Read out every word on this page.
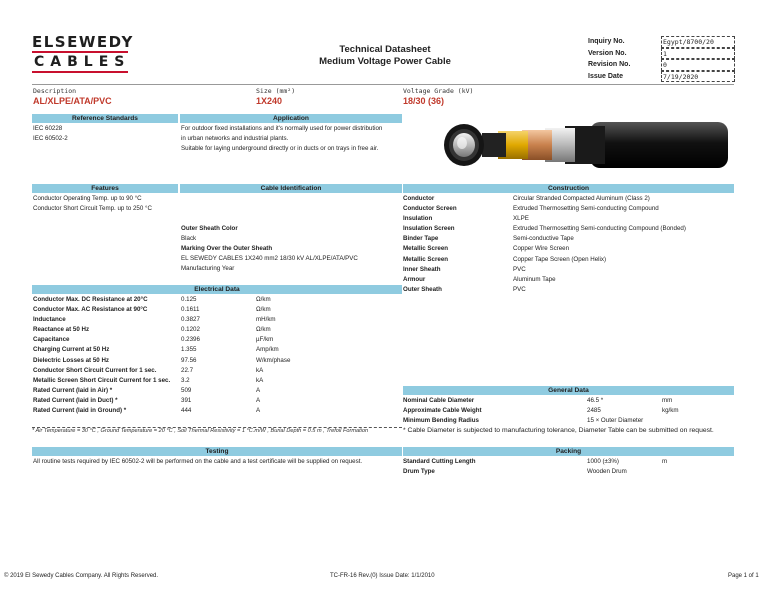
ELSEWEDY
CABLES
Technical Datasheet
Medium Voltage Power Cable
Inquiry No.
Version No.
Revision No.
Issue Date
Egypt/8700/20
1
0
7/19/2020
Description
AL/XLPE/ATA/PVC
Size (mm²)
1X240
Voltage Grade (kV)
18/30 (36)
Reference Standards
IEC 60228
IEC 60502-2
Application
For outdoor fixed installations and it's normally used for power distribution
in urban networks and industrial plants.
Suitable for laying underground directly or in ducts or on trays in free air.
Features
Conductor Operating Temp. up to 90 °C
Conductor Short Circuit Temp. up to 250 °C
Cable Identification
Outer Sheath Color
Black
Marking Over the Outer Sheath
EL SEWEDY CABLES 1X240 mm2 18/30 kV AL/XLPE/ATA/PVC
Manufacturing Year
Construction
Conductor
Conductor Screen
Insulation
Insulation Screen
Binder Tape
Metallic Screen
Metallic Screen
Inner Sheath
Armour
Outer Sheath
Circular Stranded Compacted Aluminum (Class 2)
Extruded Thermosetting Semi-conducting Compound
XLPE
Extruded Thermosetting Semi-conducting Compound (Bonded)
Semi-conductive Tape
Copper Wire Screen
Copper Tape Screen (Open Helix)
PVC
Aluminum Tape
PVC
Electrical Data
Conductor Max. DC Resistance at 20°C
Conductor Max. AC Resistance at 90°C
Inductance
Reactance at 50 Hz
Capacitance
Charging Current at 50 Hz
Dielectric Losses at 50 Hz
Conductor Short Circuit Current for 1 sec.
Metallic Screen Short Circuit Current for 1 sec.
Rated Current (laid in Air) *
Rated Current (laid in Duct) *
Rated Current (laid in Ground) *
0.125
0.1611
0.3827
0.1202
0.2396
1.355
97.56
22.7
3.2
509
391
444
Ω/km
Ω/km
mH/km
Ω/km
µF/km
Amp/km
W/km/phase
kA
kA
A
A
A
* Air Temperature = 30 °C , Ground Temperature = 20 °C , Soil Thermal Resistivity = 1 °C.m/W , Burial Depth = 0.5 m , Trefoil Formation
General Data
Nominal Cable Diameter
Approximate Cable Weight
Minimum Bending Radius
46.5 *
2485
15 × Outer Diameter
mm
kg/km
* Cable Diameter is subjected to manufacturing tolerance, Diameter Table can be submitted on request.
Testing
All routine tests required by IEC 60502-2 will be performed on the cable and a test certificate will be supplied on request.
Packing
Standard Cutting Length
Drum Type
1000 (±3%)
Wooden Drum
m
© 2019 El Sewedy Cables Company. All Rights Reserved.	TC-FR-16 Rev.(0) Issue Date: 1/1/2010	Page 1 of 1
